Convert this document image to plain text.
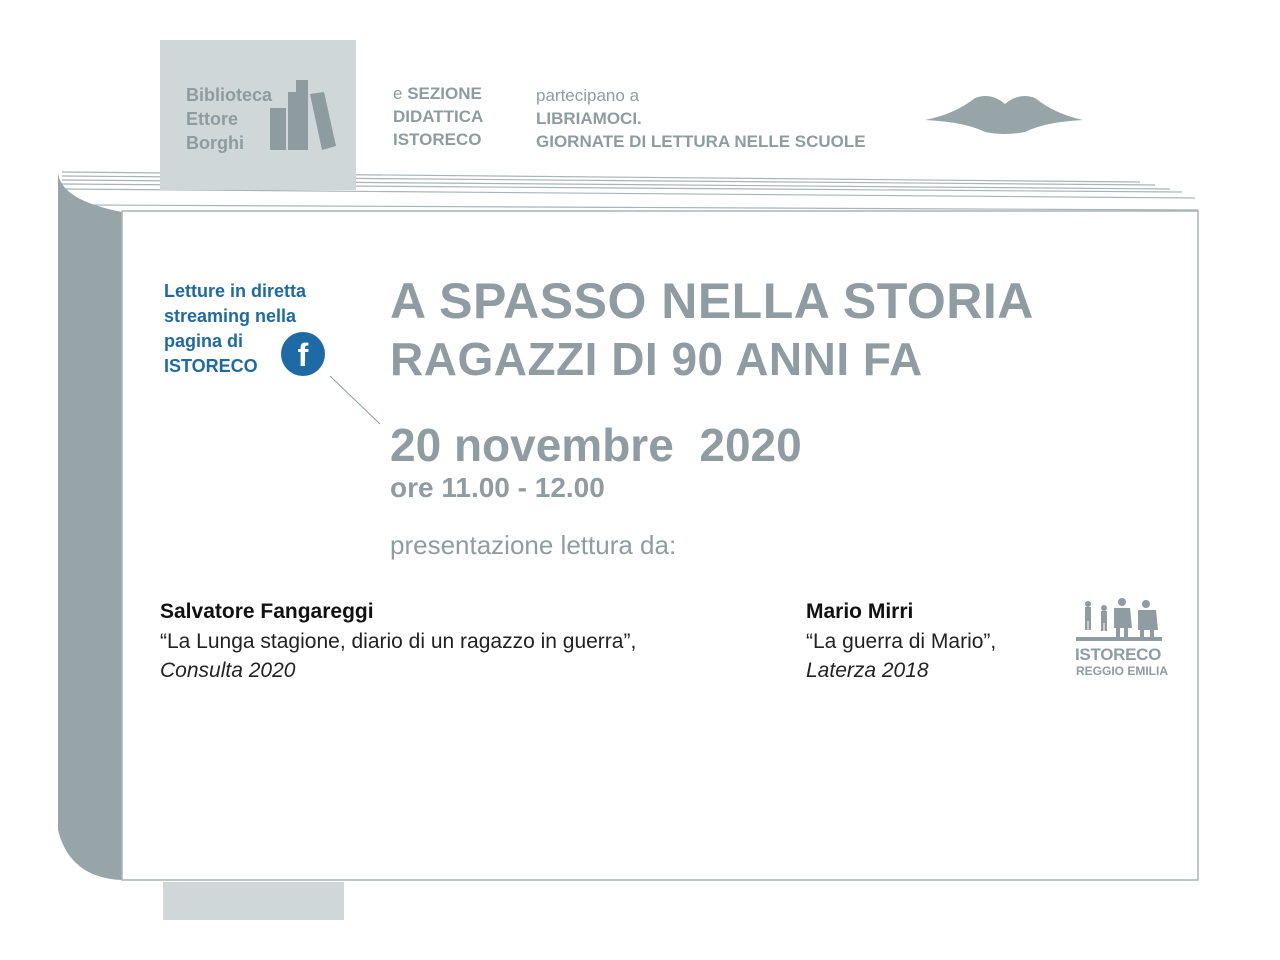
Biblioteca
Ettore
Borghi
e SEZIONE
DIDATTICA
ISTORECO
partecipano a
LIBRIAMOCI.
GIORNATE DI LETTURA NELLE SCUOLE
Letture in diretta
streaming nella
pagina di
ISTORECO	f
A SPASSO NELLA STORIA
RAGAZZI DI 90 ANNI FA
20 novembre  2020
ore 11.00 - 12.00
presentazione lettura da:
Salvatore Fangareggi
“La Lunga stagione, diario di un ragazzo in guerra”,
Consulta 2020
Mario Mirri
“La guerra di Mario”,
Laterza 2018
ISTORECO
REGGIO EMILIA
